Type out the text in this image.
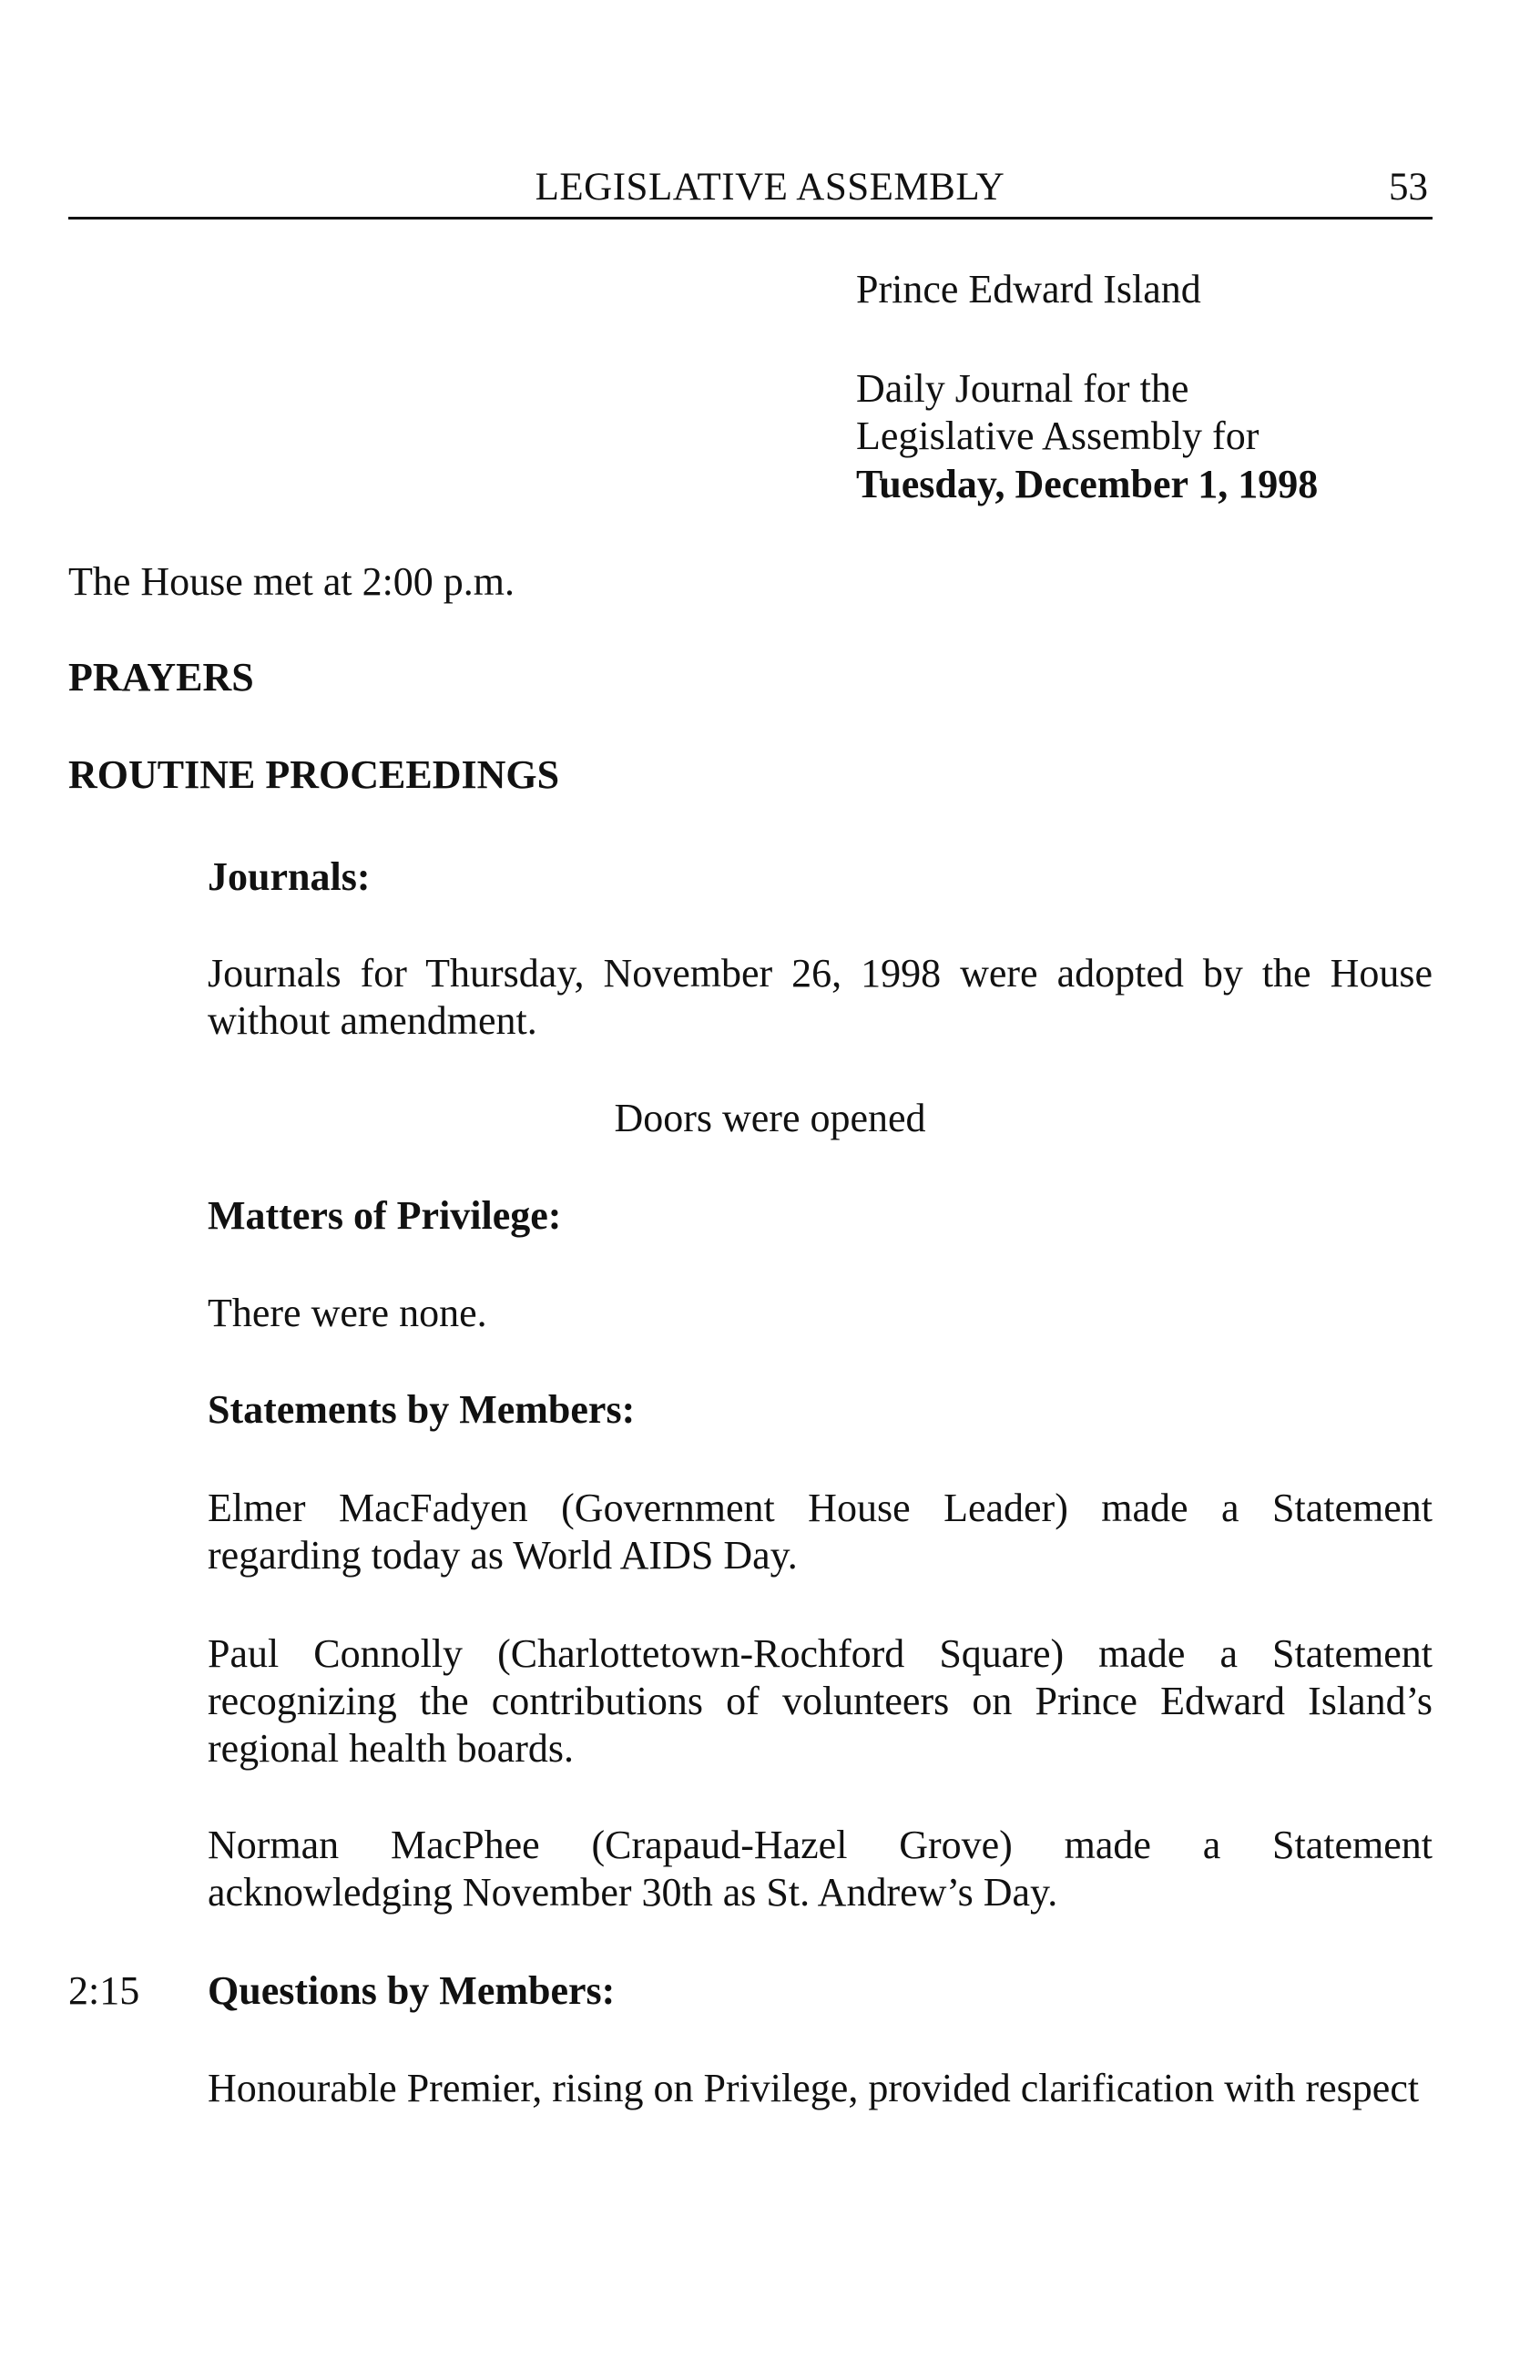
LEGISLATIVE ASSEMBLY	53
Prince Edward Island
Daily Journal for the
Legislative Assembly for
Tuesday, December 1, 1998
The House met at 2:00 p.m.
PRAYERS
ROUTINE PROCEEDINGS
Journals:
Journals for Thursday, November 26, 1998 were adopted by the House without amendment.
Doors were opened
Matters of Privilege:
There were none.
Statements by Members:
Elmer MacFadyen (Government House Leader) made a Statement regarding today as World AIDS Day.
Paul Connolly (Charlottetown-Rochford Square) made a Statement recognizing the contributions of volunteers on Prince Edward Island’s regional health boards.
Norman MacPhee (Crapaud-Hazel Grove) made a Statement acknowledging November 30th as St. Andrew’s Day.
2:15 Questions by Members:
Honourable Premier, rising on Privilege, provided clarification with respect
